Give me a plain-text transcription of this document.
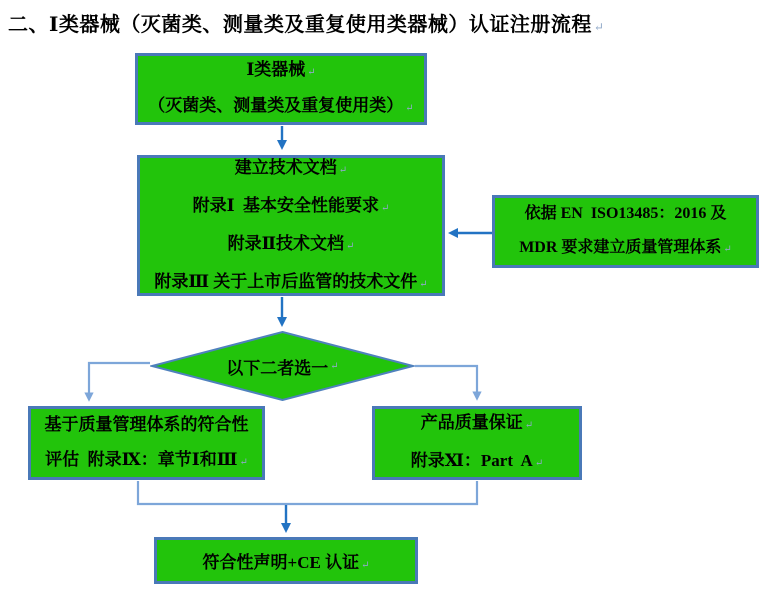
二、Ⅰ类器械（灭菌类、测量类及重复使用类器械）认证注册流程 ↵
Ⅰ类器械 ↵
（灭菌类、测量类及重复使用类） ↵
建立技术文档 ↵
附录Ⅰ  基本安全性能要求 ↵
附录Ⅱ技术文档 ↵
附录Ⅲ 关于上市后监管的技术文件 ↵
依据 EN  ISO13485：2016 及
MDR 要求建立质量管理体系 ↵
以下二者选一 ↵
基于质量管理体系的符合性
评估  附录Ⅸ：章节Ⅰ和Ⅲ ↵
产品质量保证 ↵
附录Ⅺ：Part  A ↵
符合性声明+CE 认证 ↵
